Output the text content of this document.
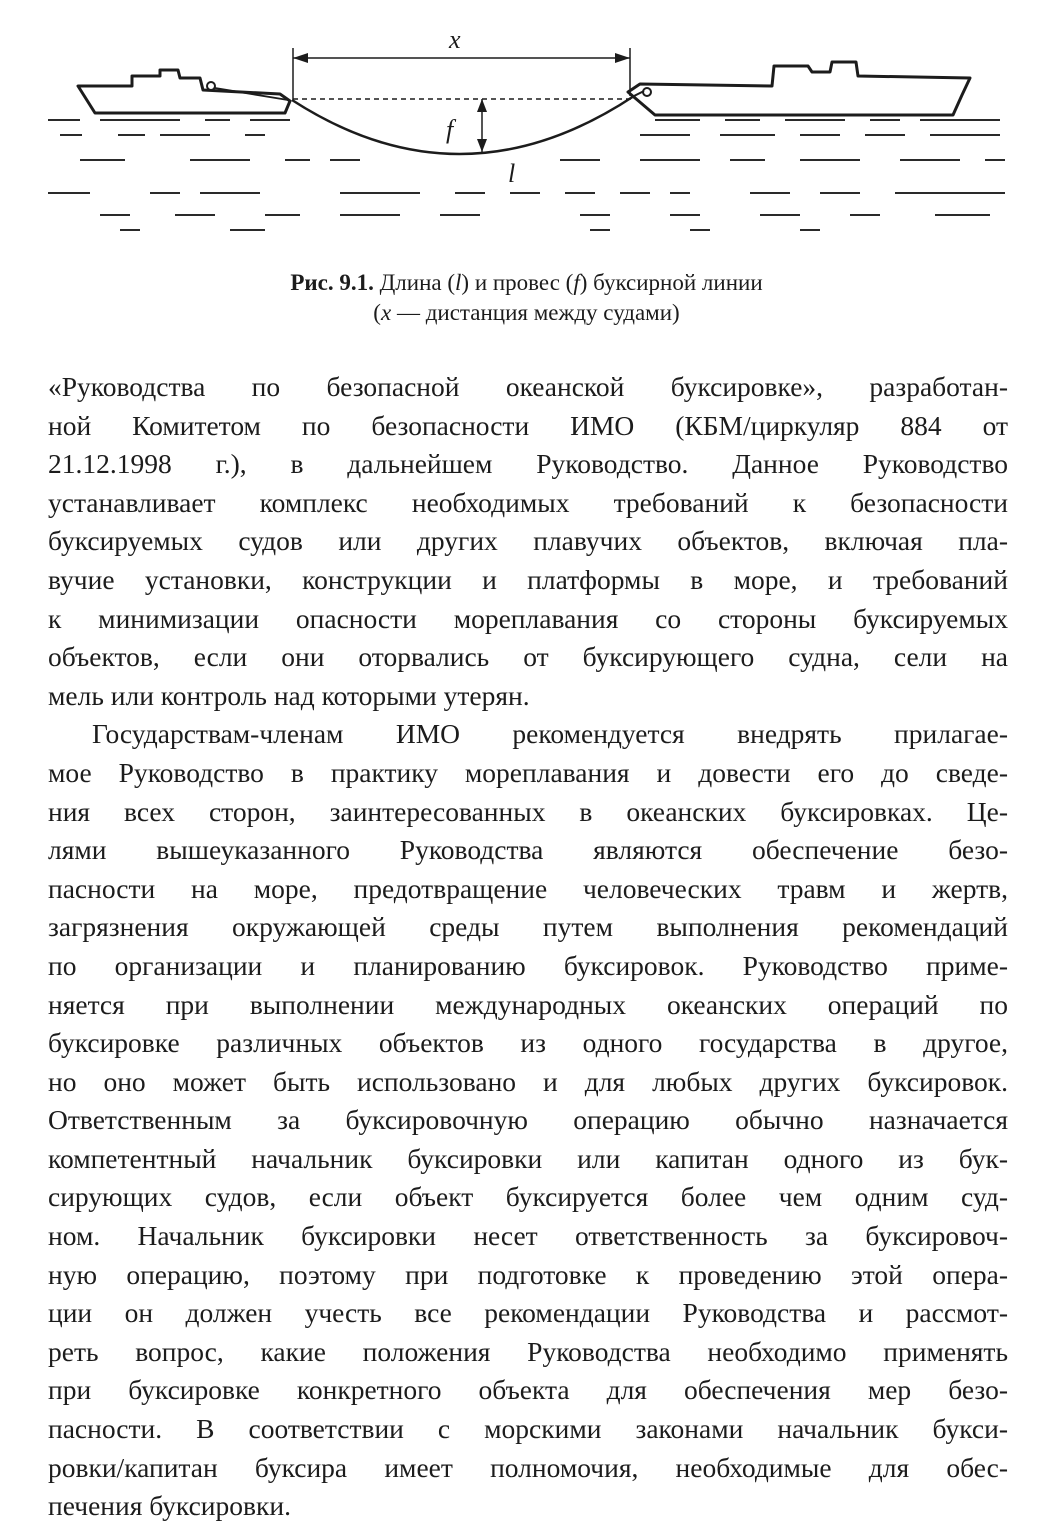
x
f
l
Рис. 9.1. Длина (l) и провес (f) буксирной линии
(x — дистанция между судами)

«Руководства по безопасной океанской буксировке», разработан-
ной Комитетом по безопасности ИМО (КБМ/циркуляр 884 от
21.12.1998 г.), в дальнейшем Руководство. Данное Руководство
устанавливает комплекс необходимых требований к безопасности
буксируемых судов или других плавучих объектов, включая пла-
вучие установки, конструкции и платформы в море, и требований
к минимизации опасности мореплавания со стороны буксируемых
объектов, если они оторвались от буксирующего судна, сели на
мель или контроль над которыми утерян.

Государствам-членам ИМО рекомендуется внедрять прилагае-
мое Руководство в практику мореплавания и довести его до сведе-
ния всех сторон, заинтересованных в океанских буксировках. Це-
лями вышеуказанного Руководства являются обеспечение безо-
пасности на море, предотвращение человеческих травм и жертв,
загрязнения окружающей среды путем выполнения рекомендаций
по организации и планированию буксировок. Руководство приме-
няется при выполнении международных океанских операций по
буксировке различных объектов из одного государства в другое,
но оно может быть использовано и для любых других буксировок.
Ответственным за буксировочную операцию обычно назначается
компетентный начальник буксировки или капитан одного из бук-
сирующих судов, если объект буксируется более чем одним суд-
ном. Начальник буксировки несет ответственность за буксировоч-
ную операцию, поэтому при подготовке к проведению этой опера-
ции он должен учесть все рекомендации Руководства и рассмот-
реть вопрос, какие положения Руководства необходимо применять
при буксировке конкретного объекта для обеспечения мер безо-
пасности. В соответствии с морскими законами начальник букси-
ровки/капитан буксира имеет полномочия, необходимые для обес-
печения буксировки.
